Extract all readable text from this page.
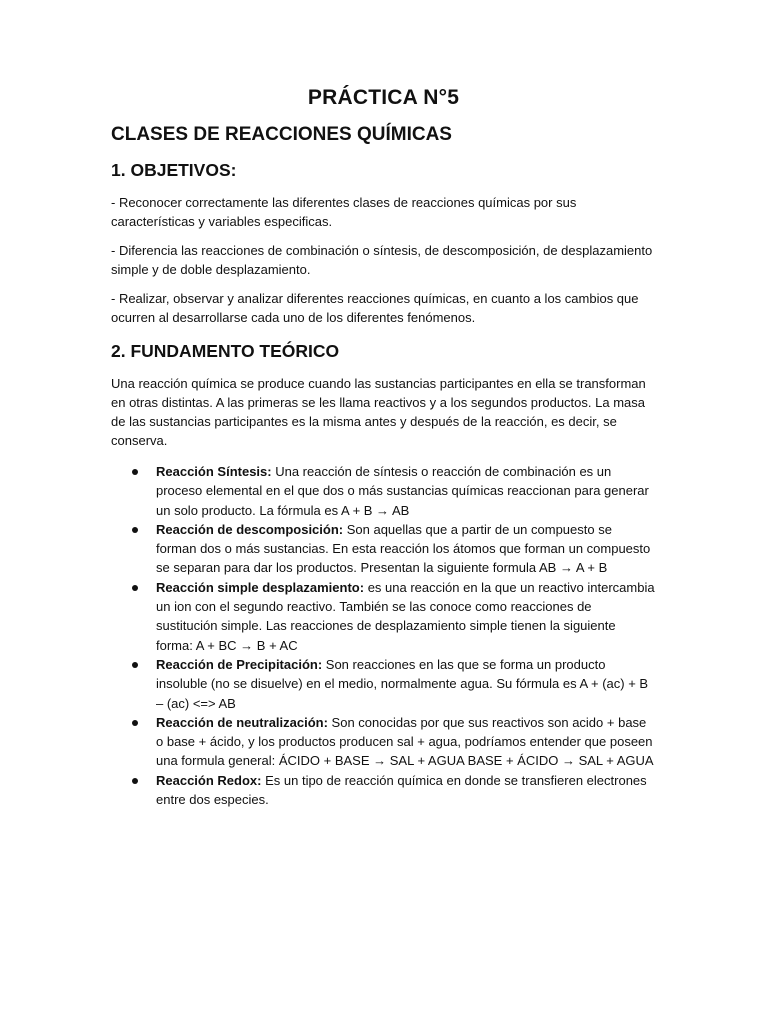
PRÁCTICA N°5
CLASES DE REACCIONES QUÍMICAS
1. OBJETIVOS:

- Reconocer correctamente las diferentes clases de reacciones químicas por sus características y variables especificas.

- Diferencia las reacciones de combinación o síntesis, de descomposición, de desplazamiento simple y de doble desplazamiento.

- Realizar, observar y analizar diferentes reacciones químicas, en cuanto a los cambios que ocurren al desarrollarse cada uno de los diferentes fenómenos.

2. FUNDAMENTO TEÓRICO

Una reacción química se produce cuando las sustancias participantes en ella se transforman en otras distintas. A las primeras se les llama reactivos y a los segundos productos. La masa de las sustancias participantes es la misma antes y después de la reacción, es decir, se conserva.

Reacción Síntesis: Una reacción de síntesis o reacción de combinación es un proceso elemental en el que dos o más sustancias químicas reaccionan para generar un solo producto. La fórmula es A + B → AB
Reacción de descomposición: Son aquellas que a partir de un compuesto se forman dos o más sustancias. En esta reacción los átomos que forman un compuesto se separan para dar los productos. Presentan la siguiente formula AB → A + B
Reacción simple desplazamiento: es una reacción en la que un reactivo intercambia un ion con el segundo reactivo. También se las conoce como reacciones de sustitución simple. Las reacciones de desplazamiento simple tienen la siguiente forma: A + BC → B + AC
Reacción de Precipitación: Son reacciones en las que se forma un producto insoluble (no se disuelve) en el medio, normalmente agua. Su fórmula es A + (ac) + B – (ac) <=> AB
Reacción de neutralización: Son conocidas por que sus reactivos son acido + base o base + ácido, y los productos producen sal + agua, podríamos entender que poseen una formula general: ÁCIDO + BASE → SAL + AGUA BASE + ÁCIDO → SAL + AGUA
Reacción Redox: Es un tipo de reacción química en donde se transfieren electrones entre dos especies.
